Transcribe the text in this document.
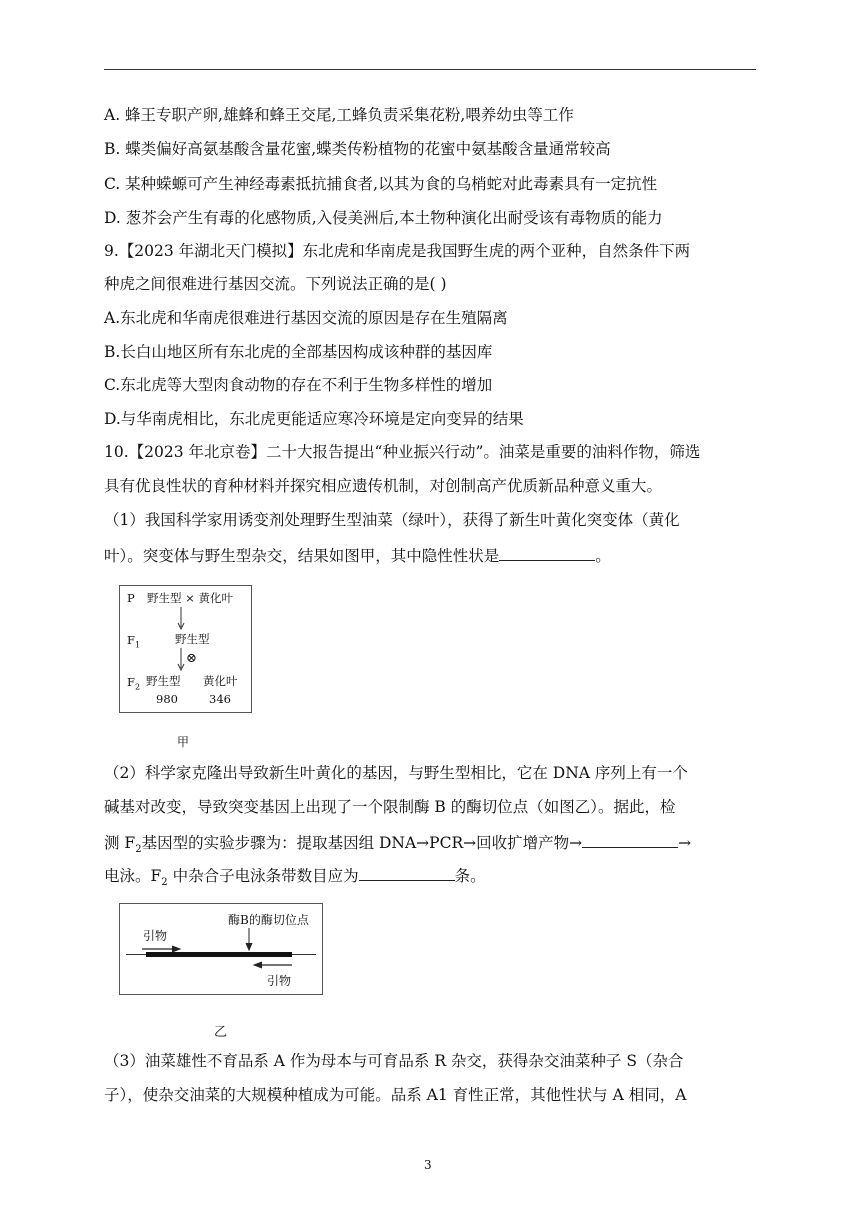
A. 蜂王专职产卵,雄蜂和蜂王交尾,工蜂负责采集花粉,喂养幼虫等工作
B. 蝶类偏好高氨基酸含量花蜜,蝶类传粉植物的花蜜中氨基酸含量通常较高
C. 某种蝾螈可产生神经毒素抵抗捕食者,以其为食的乌梢蛇对此毒素具有一定抗性
D. 葱芥会产生有毒的化感物质,入侵美洲后,本土物种演化出耐受该有毒物质的能力
9.【2023 年湖北天门模拟】东北虎和华南虎是我国野生虎的两个亚种，自然条件下两
种虎之间很难进行基因交流。下列说法正确的是( )
A.东北虎和华南虎很难进行基因交流的原因是存在生殖隔离
B.长白山地区所有东北虎的全部基因构成该种群的基因库
C.东北虎等大型肉食动物的存在不利于生物多样性的增加
D.与华南虎相比，东北虎更能适应寒冷环境是定向变异的结果
10.【2023 年北京卷】二十大报告提出“种业振兴行动”。油菜是重要的油料作物，筛选
具有优良性状的育种材料并探究相应遗传机制，对创制高产优质新品种意义重大。
（1）我国科学家用诱变剂处理野生型油菜（绿叶），获得了新生叶黄化突变体（黄化
叶）。突变体与野生型杂交，结果如图甲，其中隐性性状是	。
P 野生型 × 黄化叶
$F_1$	野生型
⊗
$F_2$ 野生型 黄化叶
980	346
甲
（2）科学家克隆出导致新生叶黄化的基因，与野生型相比，它在 DNA 序列上有一个
碱基对改变，导致突变基因上出现了一个限制酶 B 的酶切位点（如图乙）。据此，检
测 $F_2$基因型的实验步骤为：提取基因组 DNA→PCR→回收扩增产物→	→
电泳。$F_2$ 中杂合子电泳条带数目应为	条。
酶B的酶切位点
引物
引物
乙
（3）油菜雄性不育品系 A 作为母本与可育品系 R 杂交，获得杂交油菜种子 S（杂合
子），使杂交油菜的大规模种植成为可能。品系 A1 育性正常，其他性状与 A 相同，A
3
